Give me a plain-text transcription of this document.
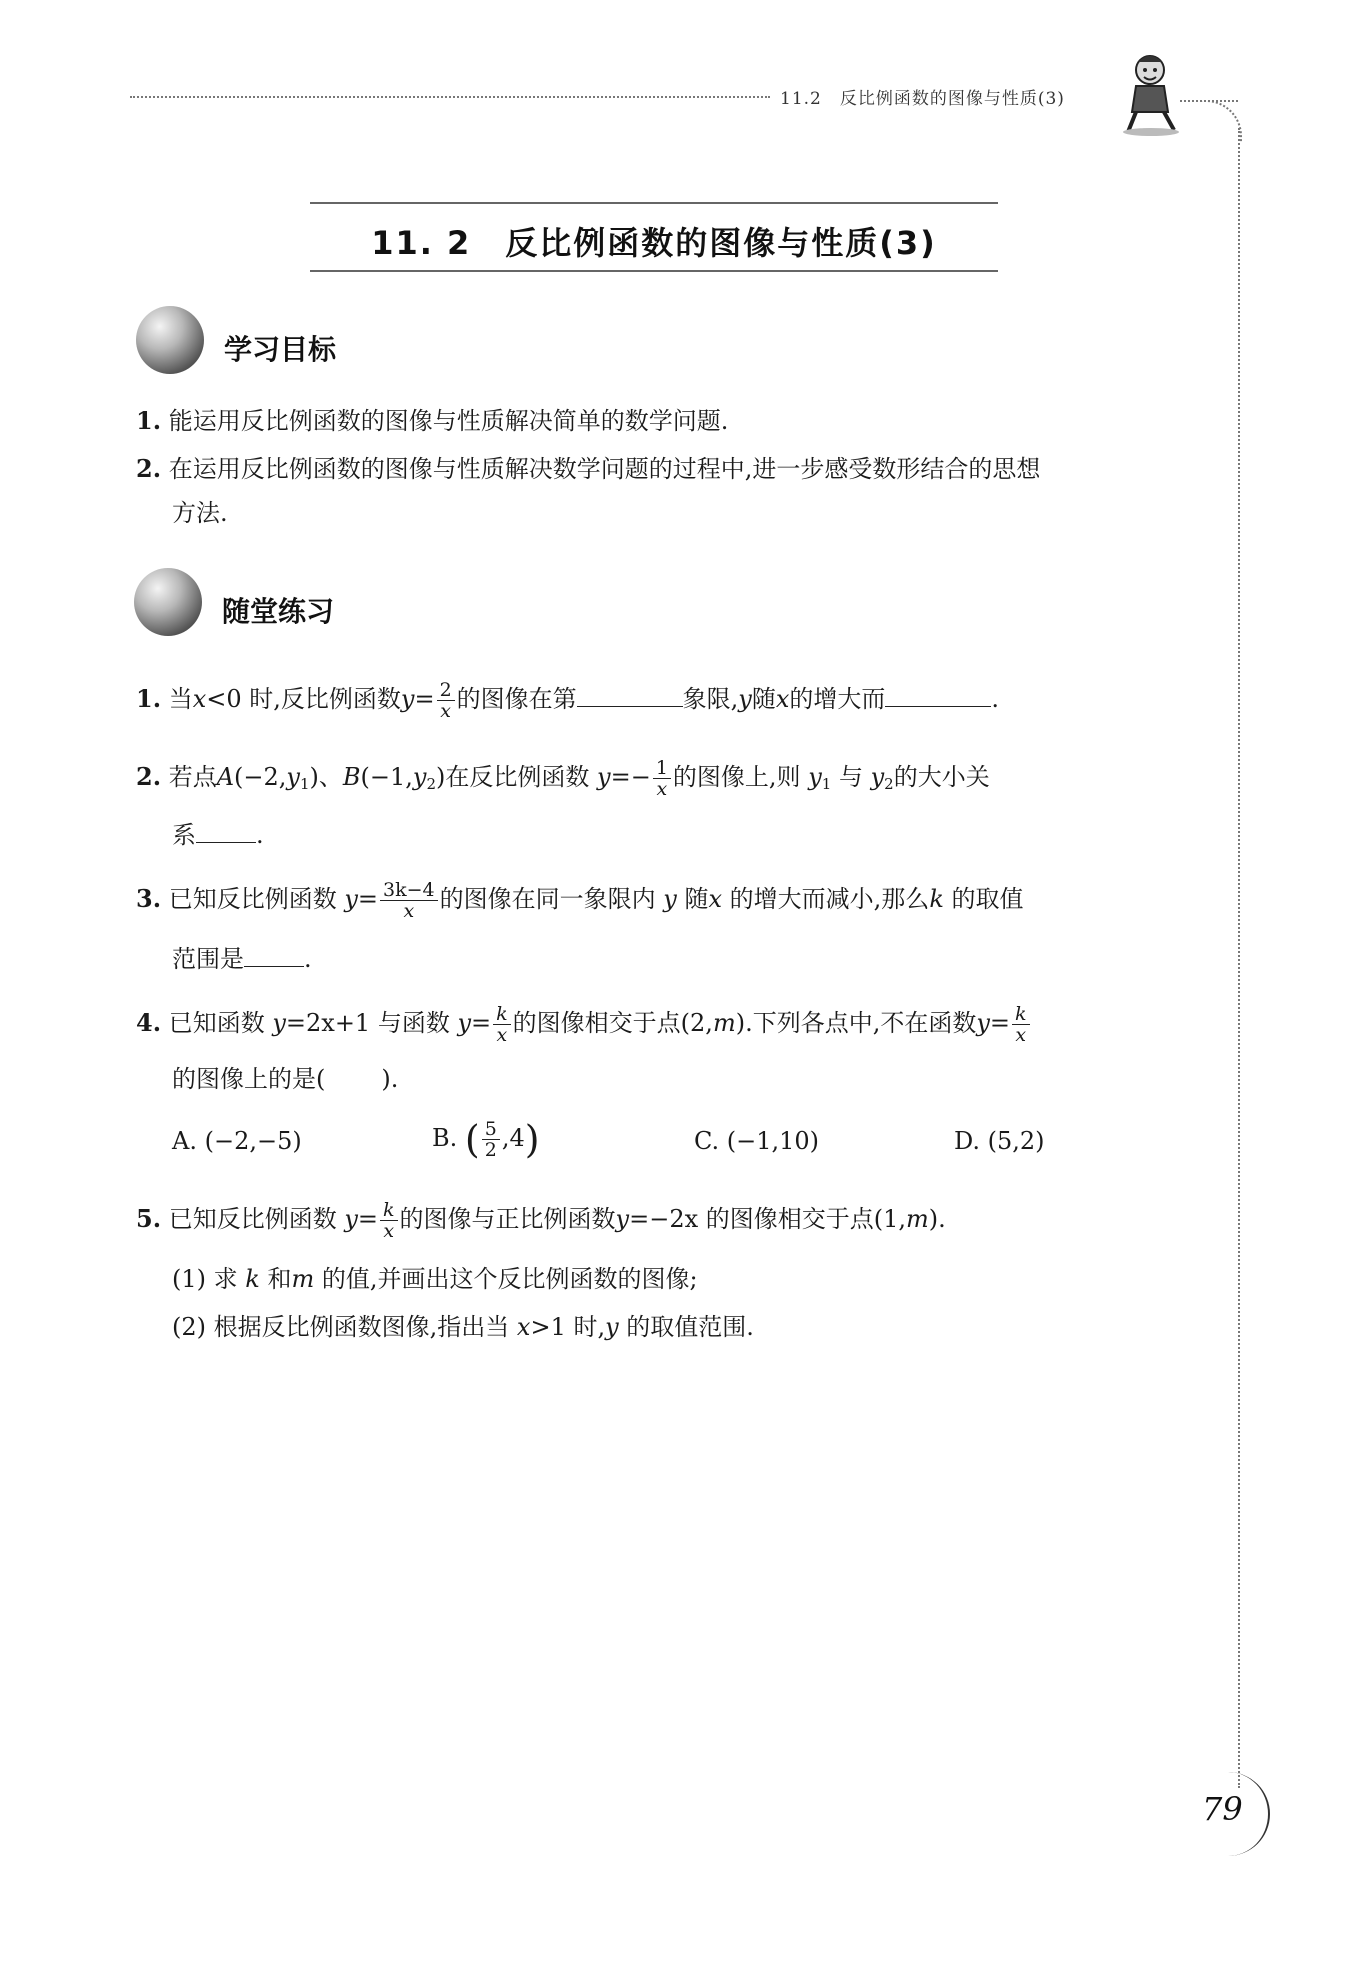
11.2　反比例函数的图像与性质(3)
11. 2　反比例函数的图像与性质(3)
学习目标
1. 能运用反比例函数的图像与性质解决简单的数学问题.
2. 在运用反比例函数的图像与性质解决数学问题的过程中,进一步感受数形结合的思想
方法.
随堂练习
1. 当x<0 时,反比例函数$y= \frac{2}{x}$ 的图像在第	象限,y随x的增大而	.
2. 若点$A(-2,y_1)$、$B(-1,y_2)$在反比例函数 $y=- \frac{1}{x}$ 的图像上,则 $y_1$ 与 $y_2$的大小关
系	.
3. 已知反比例函数 $y= \frac{3k-4}{x}$ 的图像在同一象限内 y 随x 的增大而减小,那么k 的取值
范围是	.
4. 已知函数 y=2x+1 与函数 $y= \frac{k}{x}$ 的图像相交于点(2,m).下列各点中,不在函数$y= \frac{k}{x}$
的图像上的是( ).
A. (−2,−5)	B. ( $\frac{5}{2} ,4$)	C. (−1,10)	D. (5,2)
5. 已知反比例函数 $y= \frac{k}{x}$ 的图像与正比例函数y=−2x 的图像相交于点(1,m).
(1) 求 k 和m 的值,并画出这个反比例函数的图像;
(2) 根据反比例函数图像,指出当 x>1 时,y 的取值范围.
79
